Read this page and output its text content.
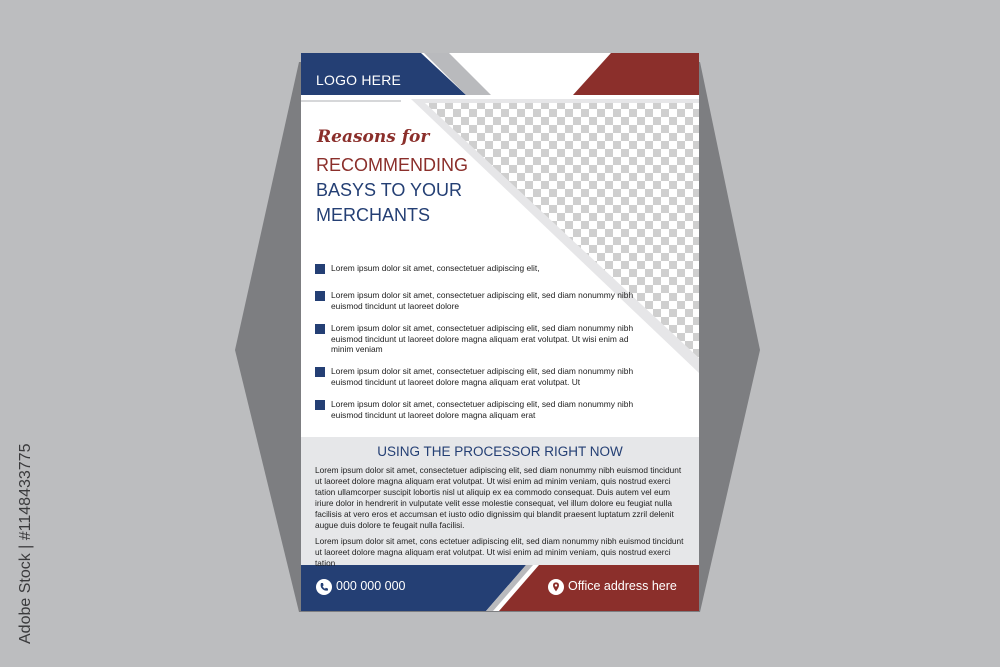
LOGO HERE
Reasons for
RECOMMENDING
BASYS TO YOUR
MERCHANTS
Lorem ipsum dolor sit amet, consectetuer adipiscing elit,
Lorem ipsum dolor sit amet, consectetuer adipiscing elit, sed diam nonummy nibh euismod tincidunt ut laoreet dolore
Lorem ipsum dolor sit amet, consectetuer adipiscing elit, sed diam nonummy nibh euismod tincidunt ut laoreet dolore magna aliquam erat volutpat. Ut wisi enim ad minim veniam
Lorem ipsum dolor sit amet, consectetuer adipiscing elit, sed diam nonummy nibh euismod tincidunt ut laoreet dolore magna aliquam erat volutpat. Ut
Lorem ipsum dolor sit amet, consectetuer adipiscing elit, sed diam nonummy nibh euismod tincidunt ut laoreet dolore magna aliquam erat
USING THE PROCESSOR RIGHT NOW

Lorem ipsum dolor sit amet, consectetuer adipiscing elit, sed diam nonummy nibh euismod tincidunt ut laoreet dolore magna aliquam erat volutpat. Ut wisi enim ad minim veniam, quis nostrud exerci tation ullamcorper suscipit lobortis nisl ut aliquip ex ea commodo consequat. Duis autem vel eum iriure dolor in hendrerit in vulputate velit esse molestie consequat, vel illum dolore eu feugiat nulla facilisis at vero eros et accumsan et iusto odio dignissim qui blandit praesent luptatum zzril delenit augue duis dolore te feugait nulla facilisi.

Lorem ipsum dolor sit amet, cons ectetuer adipiscing elit, sed diam nonummy nibh euismod tincidunt ut laoreet dolore magna aliquam erat volutpat. Ut wisi enim ad minim veniam, quis nostrud exerci tation

000 000 000	Office address here
Adobe Stock | #1148433775
